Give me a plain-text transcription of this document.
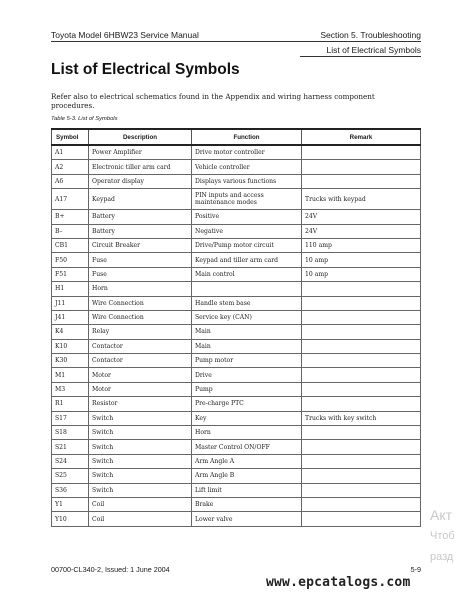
Toyota Model 6HBW23 Service Manual	Section 5. Troubleshooting
List of Electrical Symbols
List of Electrical Symbols
Refer also to electrical schematics found in the Appendix and wiring harness component procedures.
Table 5-3. List of Symbols
Symbol	Description	Function	Remark
A1	Power Amplifier	Drive motor controller	
A2	Electronic tiller arm card	Vehicle controller	
A6	Operator display	Displays various functions	
A17	Keypad	PIN inputs and access maintenance modes	Trucks with keypad
B+	Battery	Positive	24V
B–	Battery	Negative	24V
CB1	Circuit Breaker	Drive/Pump motor circuit	110 amp
F50	Fuse	Keypad and tiller arm card	10 amp
F51	Fuse	Main control	10 amp
H1	Horn		
J11	Wire Connection	Handle stem base	
J41	Wire Connection	Service key (CAN)	
K4	Relay	Main	
K10	Contactor	Main	
K30	Contactor	Pump motor	
M1	Motor	Drive	
M3	Motor	Pump	
R1	Resistor	Pre-charge PTC	
S17	Switch	Key	Trucks with key switch
S18	Switch	Horn	
S21	Switch	Master Control ON/OFF	
S24	Switch	Arm Angle A	
S25	Switch	Arm Angle B	
S36	Switch	Lift limit	
Y1	Coil	Brake	
Y10	Coil	Lower valve	
00700-CL340-2, Issued: 1 June 2004	5-9
Акт
Чтоб
разд
www.epcatalogs.com
